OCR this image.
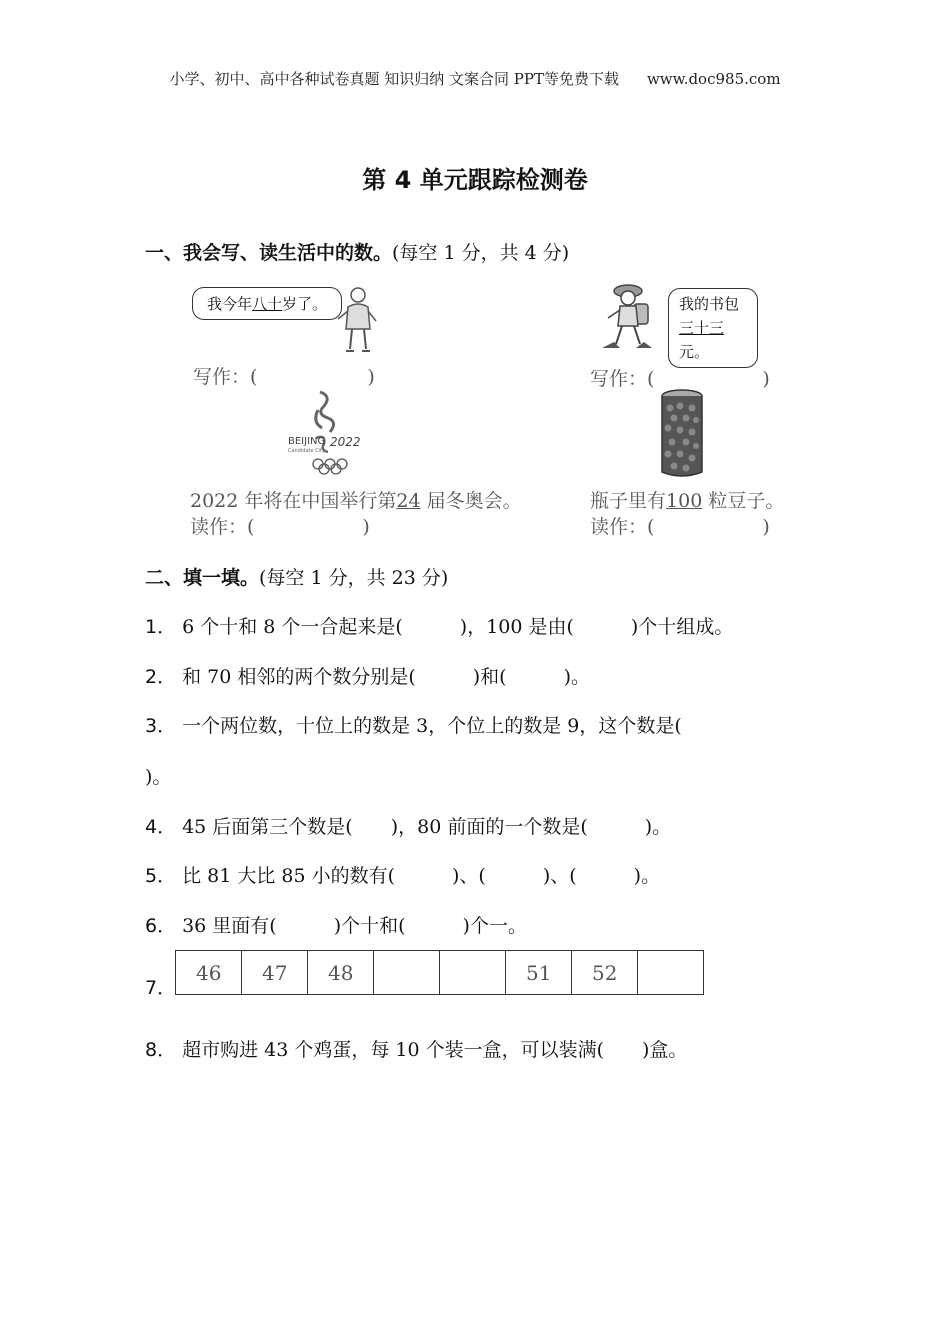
小学、初中、高中各种试卷真题 知识归纳 文案合同 PPT等免费下载 www.doc985.com
第 4 单元跟踪检测卷
一、我会写、读生活中的数。(每空 1 分，共 4 分)
我今年八十岁了。
写作：(	)
我的书包
三十三元。
写作：(	)
BEIJING
Candidate City
2022
2022 年将在中国举行第24 届冬奥会。
读作：(	)
瓶子里有100 粒豆子。
读作：(	)
二、填一填。(每空 1 分，共 23 分)
1． 6 个十和 8 个一合起来是(　　　)，100 是由(　　　)个十组成。
2． 和 70 相邻的两个数分别是(　　　)和(　　　)。
3． 一个两位数，十位上的数是 3，个位上的数是 9，这个数是(
)。
4． 45 后面第三个数是(　　)，80 前面的一个数是(　　　)。
5． 比 81 大比 85 小的数有(　　　)、(　　　)、(　　　)。
6． 36 里面有(　　　)个十和(　　　)个一。
7．
46	47	48			51	52	
8． 超市购进 43 个鸡蛋，每 10 个装一盒，可以装满(　　)盒。
